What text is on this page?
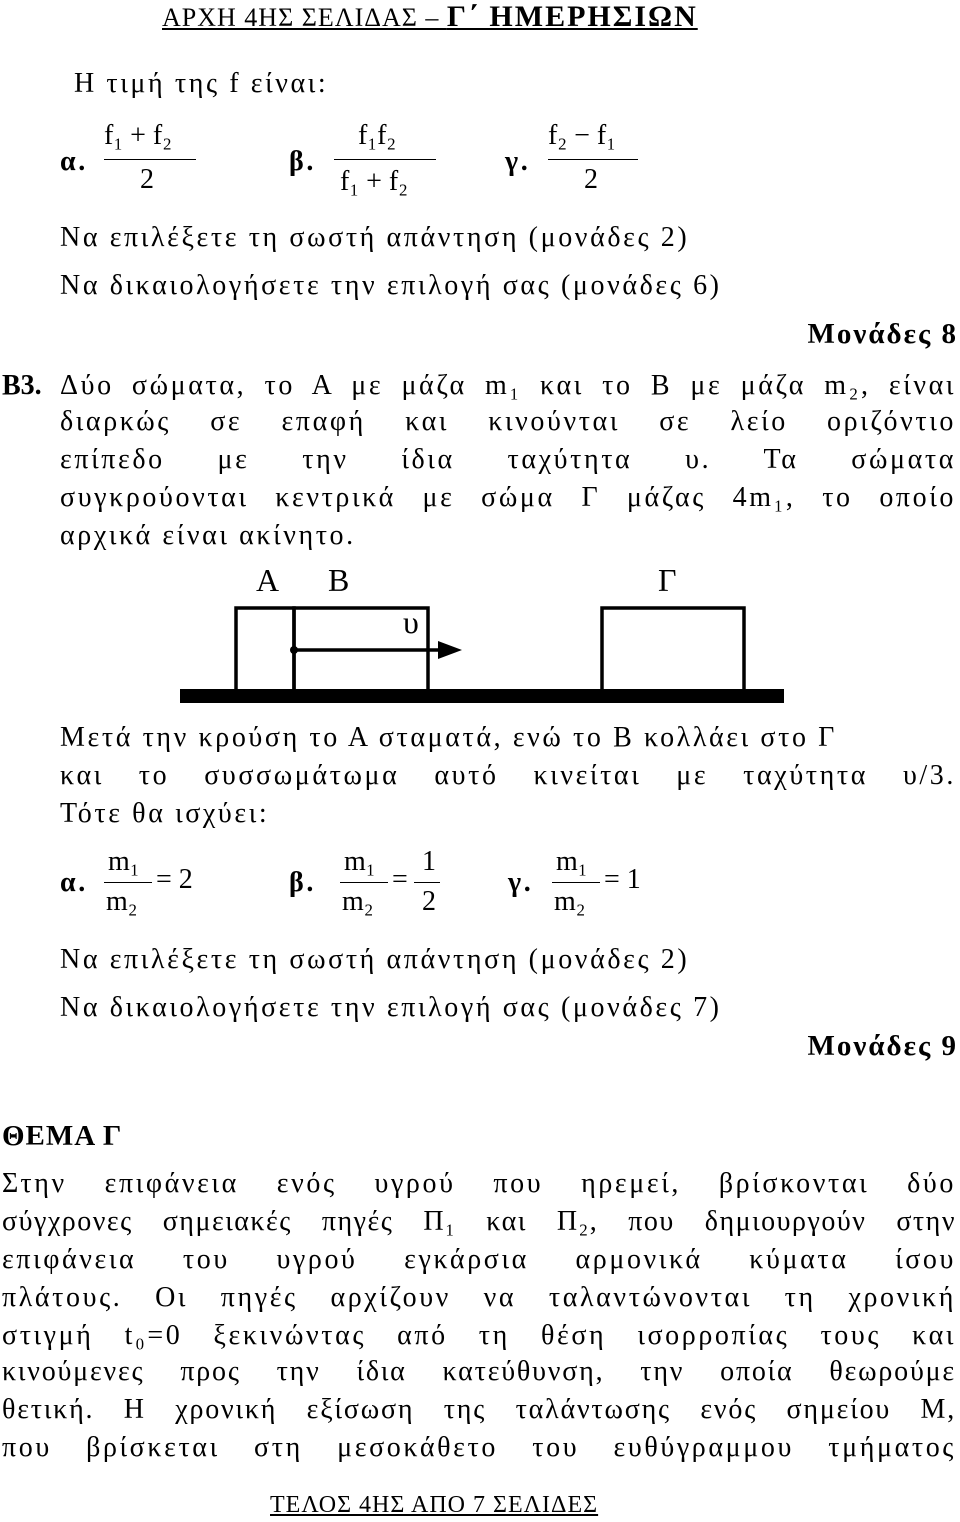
ΑΡΧΗ 4ΗΣ ΣΕΛΙΔΑΣ – Γ΄ ΗΜΕΡΗΣΙΩΝ
Η τιμή της f είναι:
α.
f₁ + f₂
2
β.
f₁f₂
f₁ + f₂
γ.
f₂ − f₁
2
Να επιλέξετε τη σωστή απάντηση (μονάδες 2)
Να δικαιολογήσετε την επιλογή σας (μονάδες 6)
Μονάδες 8
Β3. Δύο σώματα, το Α με μάζα m₁ και το Β με μάζα m₂, είναι
διαρκώς σε επαφή και κινούνται σε λείο οριζόντιο
επίπεδο με την ίδια ταχύτητα υ. Τα σώματα
συγκρούονται κεντρικά με σώμα Γ μάζας 4m₁, το οποίο
αρχικά είναι ακίνητο.
Α Β	Γ
υ
Μετά την κρούση το Α σταματά, ενώ το Β κολλάει στο Γ
και το συσσωμάτωμα αυτό κινείται με ταχύτητα υ/3.
Τότε θα ισχύει:
α.
m₁
m₂
= 2	β.
m₁
m₂
=
1
2
γ.
m₁
m₂
= 1
Να επιλέξετε τη σωστή απάντηση (μονάδες 2)
Να δικαιολογήσετε την επιλογή σας (μονάδες 7)
Μονάδες 9
ΘΕΜΑ Γ
Στην επιφάνεια ενός υγρού που ηρεμεί, βρίσκονται δύο
σύγχρονες σημειακές πηγές Π₁ και Π₂, που δημιουργούν στην
επιφάνεια του υγρού εγκάρσια αρμονικά κύματα ίσου
πλάτους. Οι πηγές αρχίζουν να ταλαντώνονται τη χρονική
στιγμή t₀=0 ξεκινώντας από τη θέση ισορροπίας τους και
κινούμενες προς την ίδια κατεύθυνση, την οποία θεωρούμε
θετική. Η χρονική εξίσωση της ταλάντωσης ενός σημείου Μ,
που βρίσκεται στη μεσοκάθετο του ευθύγραμμου τμήματος
ΤΕΛΟΣ 4ΗΣ ΑΠΟ 7 ΣΕΛΙΔΕΣ
